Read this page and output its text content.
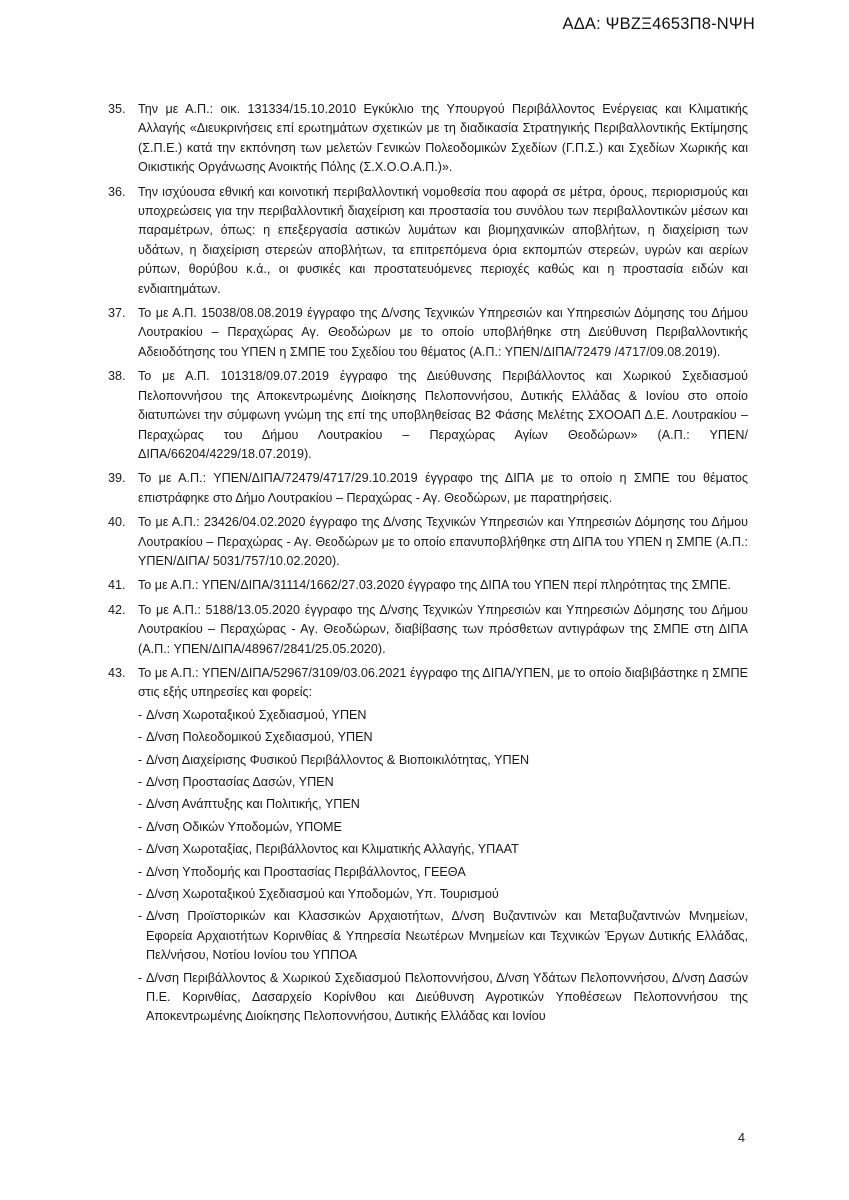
ΑΔΑ: ΨΒΖΞ4653Π8-ΝΨΗ
35. Την με Α.Π.: οικ. 131334/15.10.2010 Εγκύκλιο της Υπουργού Περιβάλλοντος Ενέργειας και Κλιματικής Αλλαγής «Διευκρινήσεις επί ερωτημάτων σχετικών με τη διαδικασία Στρατηγικής Περιβαλλοντικής Εκτίμησης (Σ.Π.Ε.) κατά την εκπόνηση των μελετών Γενικών Πολεοδομικών Σχεδίων (Γ.Π.Σ.) και Σχεδίων Χωρικής και Οικιστικής Οργάνωσης Ανοικτής Πόλης (Σ.Χ.Ο.Ο.Α.Π.)».
36. Την ισχύουσα εθνική και κοινοτική περιβαλλοντική νομοθεσία που αφορά σε μέτρα, όρους, περιορισμούς και υποχρεώσεις για την περιβαλλοντική διαχείριση και προστασία του συνόλου των περιβαλλοντικών μέσων και παραμέτρων, όπως: η επεξεργασία αστικών λυμάτων και βιομηχανικών αποβλήτων, η διαχείριση των υδάτων, η διαχείριση στερεών αποβλήτων, τα επιτρεπόμενα όρια εκπομπών στερεών, υγρών και αερίων ρύπων, θορύβου κ.ά., οι φυσικές και προστατευόμενες περιοχές καθώς και η προστασία ειδών και ενδιαιτημάτων.
37. Το με Α.Π. 15038/08.08.2019 έγγραφο της Δ/νσης Τεχνικών Υπηρεσιών και Υπηρεσιών Δόμησης του Δήμου Λουτρακίου – Περαχώρας Αγ. Θεοδώρων με το οποίο υποβλήθηκε στη Διεύθυνση Περιβαλλοντικής Αδειοδότησης του ΥΠΕΝ η ΣΜΠΕ του Σχεδίου του θέματος (Α.Π.: ΥΠΕΝ/ΔΙΠΑ/72479 /4717/09.08.2019).
38. Το με Α.Π. 101318/09.07.2019 έγγραφο της Διεύθυνσης Περιβάλλοντος και Χωρικού Σχεδιασμού Πελοποννήσου της Αποκεντρωμένης Διοίκησης Πελοποννήσου, Δυτικής Ελλάδας & Ιονίου στο οποίο διατυπώνει την σύμφωνη γνώμη της επί της υποβληθείσας Β2 Φάσης Μελέτης ΣΧΟΟΑΠ Δ.Ε. Λουτρακίου – Περαχώρας του Δήμου Λουτρακίου – Περαχώρας Αγίων Θεοδώρων» (Α.Π.: ΥΠΕΝ/ΔΙΠΑ/66204/4229/18.07.2019).
39. Το με Α.Π.: ΥΠΕΝ/ΔΙΠΑ/72479/4717/29.10.2019 έγγραφο της ΔΙΠΑ με το οποίο η ΣΜΠΕ του θέματος επιστράφηκε στο Δήμο Λουτρακίου – Περαχώρας - Αγ. Θεοδώρων, με παρατηρήσεις.
40. Το με Α.Π.: 23426/04.02.2020 έγγραφο της Δ/νσης Τεχνικών Υπηρεσιών και Υπηρεσιών Δόμησης του Δήμου Λουτρακίου – Περαχώρας - Αγ. Θεοδώρων με το οποίο επανυποβλήθηκε στη ΔΙΠΑ του ΥΠΕΝ η ΣΜΠΕ (Α.Π.: ΥΠΕΝ/ΔΙΠΑ/ 5031/757/10.02.2020).
41. Το με Α.Π.: ΥΠΕΝ/ΔΙΠΑ/31114/1662/27.03.2020 έγγραφο της ΔΙΠΑ του ΥΠΕΝ περί πληρότητας της ΣΜΠΕ.
42. Το με Α.Π.: 5188/13.05.2020 έγγραφο της Δ/νσης Τεχνικών Υπηρεσιών και Υπηρεσιών Δόμησης του Δήμου Λουτρακίου – Περαχώρας - Αγ. Θεοδώρων, διαβίβασης των πρόσθετων αντιγράφων της ΣΜΠΕ στη ΔΙΠΑ (Α.Π.: ΥΠΕΝ/ΔΙΠΑ/48967/2841/25.05.2020).
43. Το με Α.Π.: ΥΠΕΝ/ΔΙΠΑ/52967/3109/03.06.2021 έγγραφο της ΔΙΠΑ/ΥΠΕΝ, με το οποίο διαβιβάστηκε η ΣΜΠΕ στις εξής υπηρεσίες και φορείς:
- Δ/νση Χωροταξικού Σχεδιασμού, ΥΠΕΝ
- Δ/νση Πολεοδομικού Σχεδιασμού, ΥΠΕΝ
- Δ/νση Διαχείρισης Φυσικού Περιβάλλοντος & Βιοποικιλότητας, ΥΠΕΝ
- Δ/νση Προστασίας Δασών, ΥΠΕΝ
- Δ/νση Ανάπτυξης και Πολιτικής, ΥΠΕΝ
- Δ/νση Οδικών Υποδομών, ΥΠΟΜΕ
- Δ/νση Χωροταξίας, Περιβάλλοντος και Κλιματικής Αλλαγής, ΥΠΑΑΤ
- Δ/νση Υποδομής και Προστασίας Περιβάλλοντος, ΓΕΕΘΑ
- Δ/νση Χωροταξικού Σχεδιασμού και Υποδομών, Υπ. Τουρισμού
- Δ/νση Προϊστορικών και Κλασσικών Αρχαιοτήτων, Δ/νση Βυζαντινών και Μεταβυζαντινών Μνημείων, Εφορεία Αρχαιοτήτων Κορινθίας & Υπηρεσία Νεωτέρων Μνημείων και Τεχνικών Έργων Δυτικής Ελλάδας, Πελ/νήσου, Νοτίου Ιονίου του ΥΠΠΟΑ
- Δ/νση Περιβάλλοντος & Χωρικού Σχεδιασμού Πελοποννήσου, Δ/νση Υδάτων Πελοποννήσου, Δ/νση Δασών Π.Ε. Κορινθίας, Δασαρχείο Κορίνθου και Διεύθυνση Αγροτικών Υποθέσεων Πελοποννήσου της Αποκεντρωμένης Διοίκησης Πελοποννήσου, Δυτικής Ελλάδας και Ιονίου
4
